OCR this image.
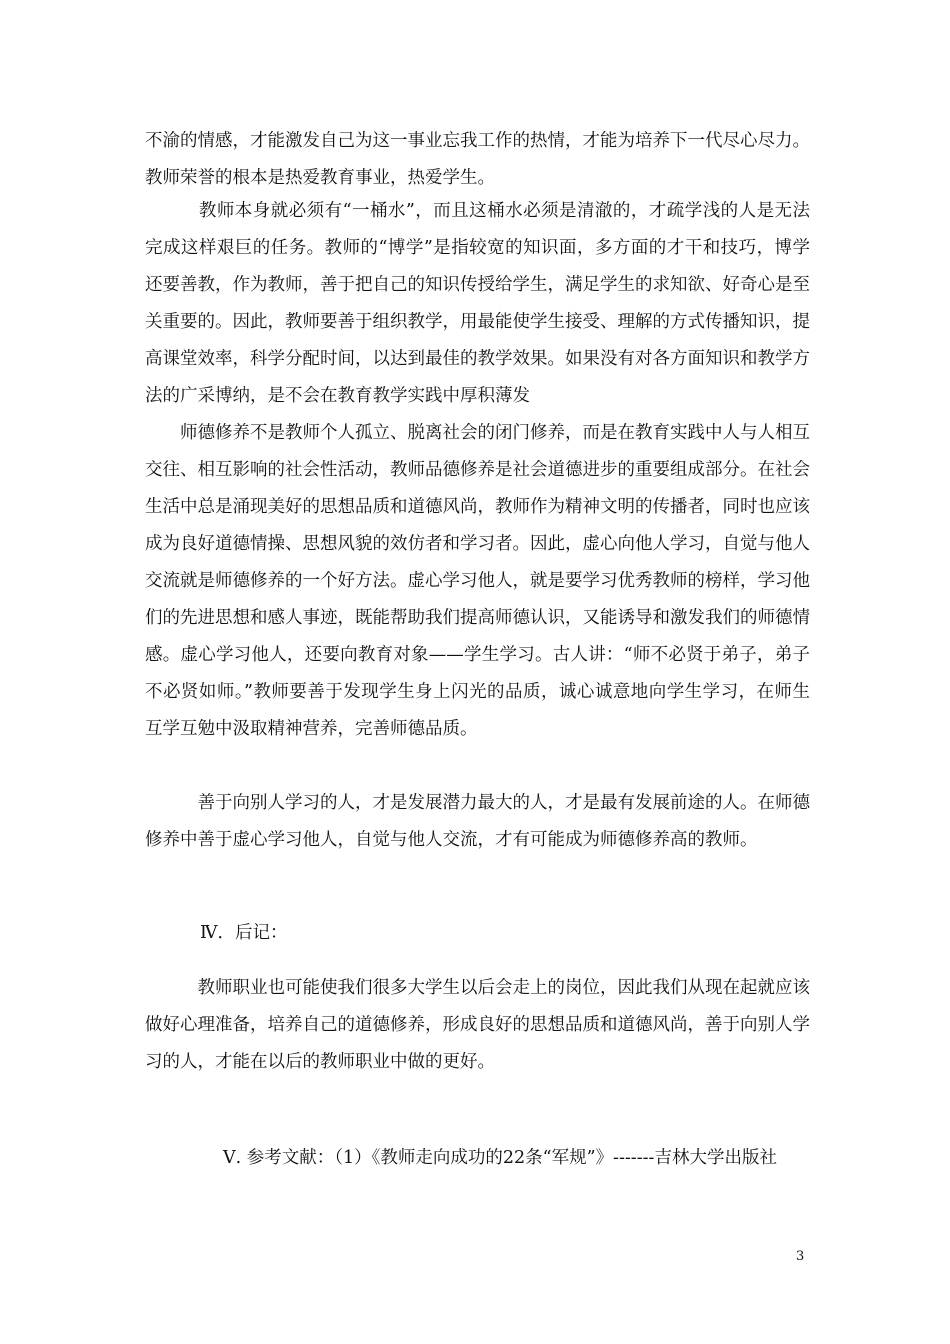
不渝的情感，才能激发自己为这一事业忘我工作的热情，才能为培养下一代尽心尽力。教师荣誉的根本是热爱教育事业，热爱学生。

　　　教师本身就必须有“一桶水”，而且这桶水必须是清澈的，才疏学浅的人是无法完成这样艰巨的任务。教师的“博学”是指较宽的知识面，多方面的才干和技巧，博学还要善教，作为教师，善于把自己的知识传授给学生，满足学生的求知欲、好奇心是至关重要的。因此，教师要善于组织教学，用最能使学生接受、理解的方式传播知识，提高课堂效率，科学分配时间，以达到最佳的教学效果。如果没有对各方面知识和教学方法的广采博纳，是不会在教育教学实践中厚积薄发

　　师德修养不是教师个人孤立、脱离社会的闭门修养，而是在教育实践中人与人相互交往、相互影响的社会性活动，教师品德修养是社会道德进步的重要组成部分。在社会生活中总是涌现美好的思想品质和道德风尚，教师作为精神文明的传播者，同时也应该成为良好道德情操、思想风貌的效仿者和学习者。因此，虚心向他人学习，自觉与他人交流就是师德修养的一个好方法。虚心学习他人，就是要学习优秀教师的榜样，学习他们的先进思想和感人事迹，既能帮助我们提高师德认识，又能诱导和激发我们的师德情感。虚心学习他人，还要向教育对象——学生学习。古人讲：“师不必贤于弟子，弟子不必贤如师。”教师要善于发现学生身上闪光的品质，诚心诚意地向学生学习，在师生互学互勉中汲取精神营养，完善师德品质。

　　　善于向别人学习的人，才是发展潜力最大的人，才是最有发展前途的人。在师德修养中善于虚心学习他人，自觉与他人交流，才有可能成为师德修养高的教师。

Ⅳ．后记：

　　　教师职业也可能使我们很多大学生以后会走上的岗位，因此我们从现在起就应该做好心理准备，培养自己的道德修养，形成良好的思想品质和道德风尚，善于向别人学习的人，才能在以后的教师职业中做的更好。

Ⅴ. 参考文献：（1）《教师走向成功的22条“军规”》-------吉林大学出版社

3
